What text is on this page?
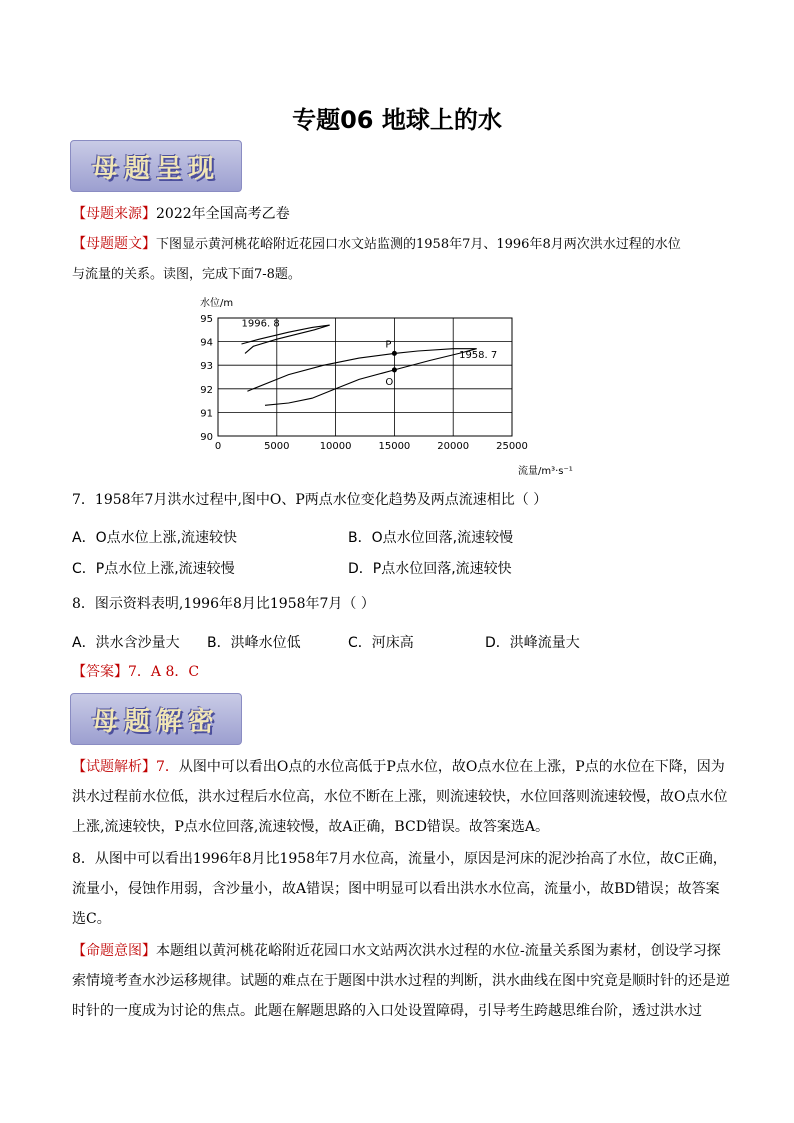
专题06 地球上的水
母题呈现
【母题来源】2022年全国高考乙卷
【母题题文】下图显示黄河桃花峪附近花园口水文站监测的1958年7月、1996年8月两次洪水过程的水位
与流量的关系。读图，完成下面7-8题。
0	5000	10000	15000	20000	25000
90
91
92
93
94
95	1996. 8
1958. 7
P
O
水位/m
流量/m³·s⁻¹
7．1958年7月洪水过程中,图中O、P两点水位变化趋势及两点流速相比（ ）
A．O点水位上涨,流速较快	B．O点水位回落,流速较慢
C．P点水位上涨,流速较慢	D．P点水位回落,流速较快
8．图示资料表明,1996年8月比1958年7月（ ）
A．洪水含沙量大 B．洪峰水位低	C．河床高	D．洪峰流量大
【答案】7．A 8．C
母题解密
【试题解析】7．从图中可以看出O点的水位高低于P点水位，故O点水位在上涨，P点的水位在下降，因为洪水过程前水位低，洪水过程后水位高，水位不断在上涨，则流速较快，水位回落则流速较慢，故O点水位上涨,流速较快，P点水位回落,流速较慢，故A正确，BCD错误。故答案选A。
8．从图中可以看出1996年8月比1958年7月水位高，流量小，原因是河床的泥沙抬高了水位，故C正确，流量小，侵蚀作用弱，含沙量小，故A错误；图中明显可以看出洪水水位高，流量小，故BD错误；故答案选C。
【命题意图】本题组以黄河桃花峪附近花园口水文站两次洪水过程的水位-流量关系图为素材，创设学习探索情境考查水沙运移规律。试题的难点在于题图中洪水过程的判断，洪水曲线在图中究竟是顺时针的还是逆时针的一度成为讨论的焦点。此题在解题思路的入口处设置障碍，引导考生跨越思维台阶，透过洪水过
